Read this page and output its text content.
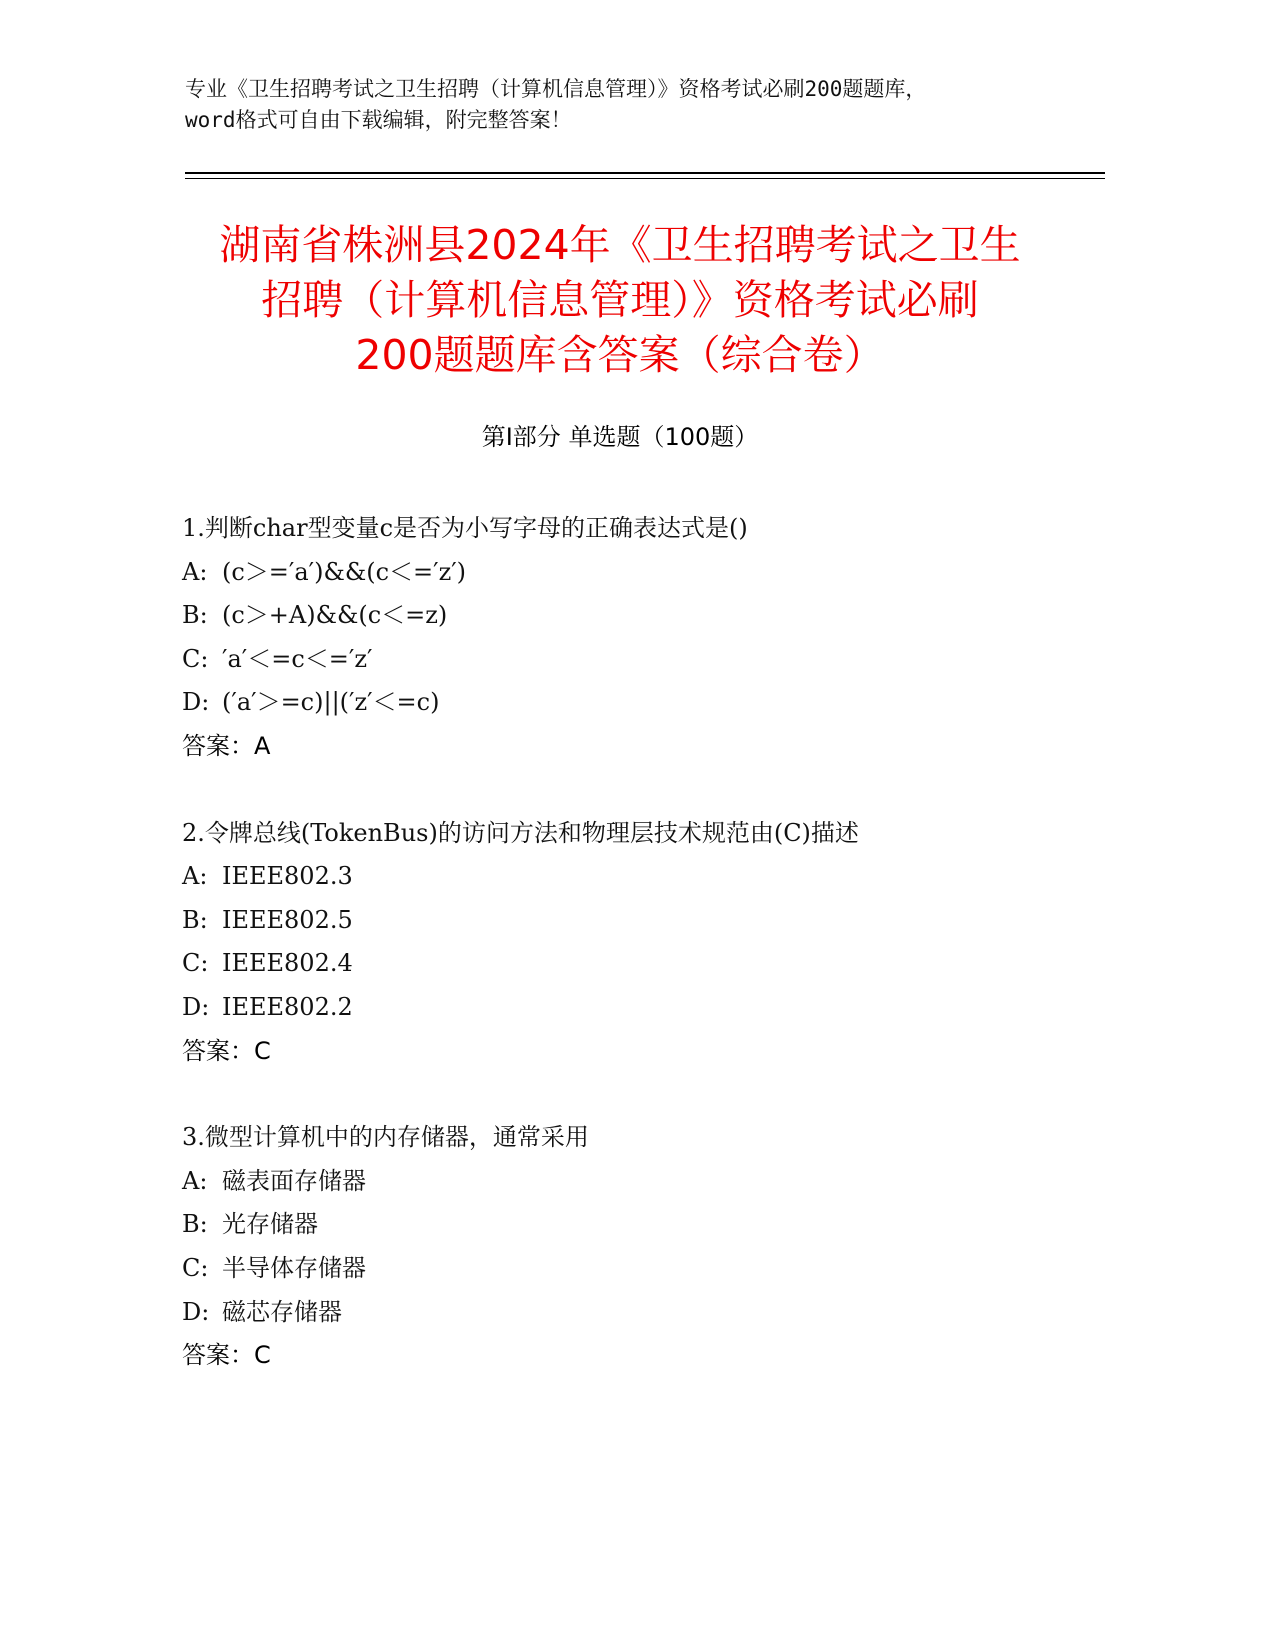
专业《卫生招聘考试之卫生招聘（计算机信息管理）》资格考试必刷200题题库，
word格式可自由下载编辑，附完整答案！
湖南省株洲县2024年《卫生招聘考试之卫生
招聘（计算机信息管理）》资格考试必刷
200题题库含答案（综合卷）
第Ⅰ部分 单选题（100题）
1.判断char型变量c是否为小写字母的正确表达式是()
A: (c＞=′a′)&&(c＜=′z′)
B: (c＞+A)&&(c＜=z)
C: ′a′＜=c＜=′z′
D: (′a′＞=c)||(′z′＜=c)
答案：A
2.令牌总线(TokenBus)的访问方法和物理层技术规范由(C)描述
A: IEEE802.3
B: IEEE802.5
C: IEEE802.4
D: IEEE802.2
答案：C
3.微型计算机中的内存储器，通常采用
A: 磁表面存储器
B: 光存储器
C: 半导体存储器
D: 磁芯存储器
答案：C
